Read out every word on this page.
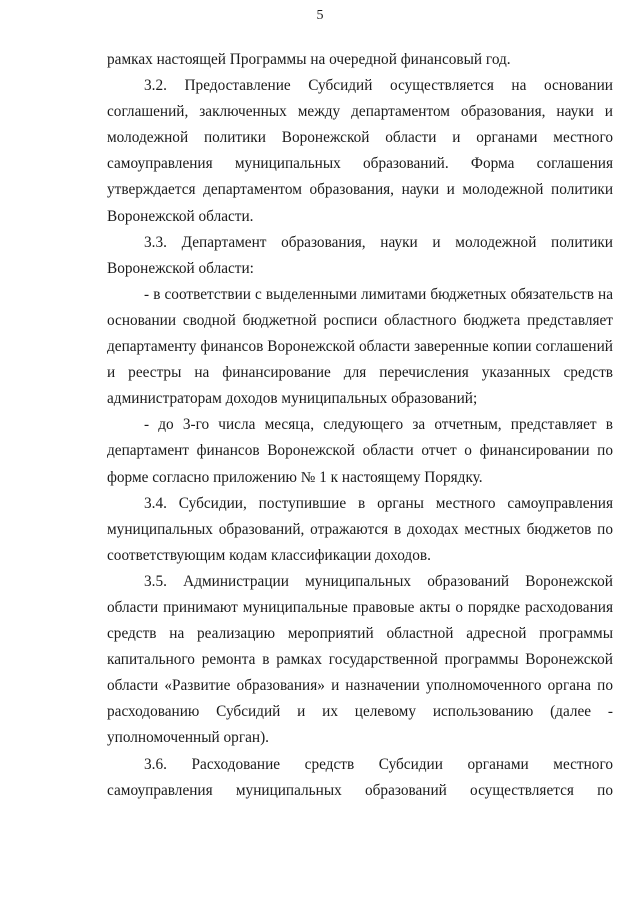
5
рамках настоящей Программы на очередной финансовый год.
3.2. Предоставление Субсидий осуществляется на основании
соглашений, заключенных между департаментом образования, науки и
молодежной политики Воронежской области и органами местного
самоуправления муниципальных образований. Форма соглашения
утверждается департаментом образования, науки и молодежной политики
Воронежской области.
3.3. Департамент образования, науки и молодежной политики
Воронежской области:
- в соответствии с выделенными лимитами бюджетных обязательств на
основании сводной бюджетной росписи областного бюджета представляет
департаменту финансов Воронежской области заверенные копии соглашений
и реестры на финансирование для перечисления указанных средств
администраторам доходов муниципальных образований;
- до 3-го числа месяца, следующего за отчетным, представляет в
департамент финансов Воронежской области отчет о финансировании по
форме согласно приложению № 1 к настоящему Порядку.
3.4. Субсидии, поступившие в органы местного самоуправления
муниципальных образований, отражаются в доходах местных бюджетов по
соответствующим кодам классификации доходов.
3.5. Администрации муниципальных образований Воронежской
области принимают муниципальные правовые акты о порядке расходования
средств на реализацию мероприятий областной адресной программы
капитального ремонта в рамках государственной программы Воронежской
области «Развитие образования» и назначении уполномоченного органа по
расходованию Субсидий и их целевому использованию (далее -
уполномоченный орган).
3.6. Расходование средств Субсидии органами местного
самоуправления муниципальных образований осуществляется по
